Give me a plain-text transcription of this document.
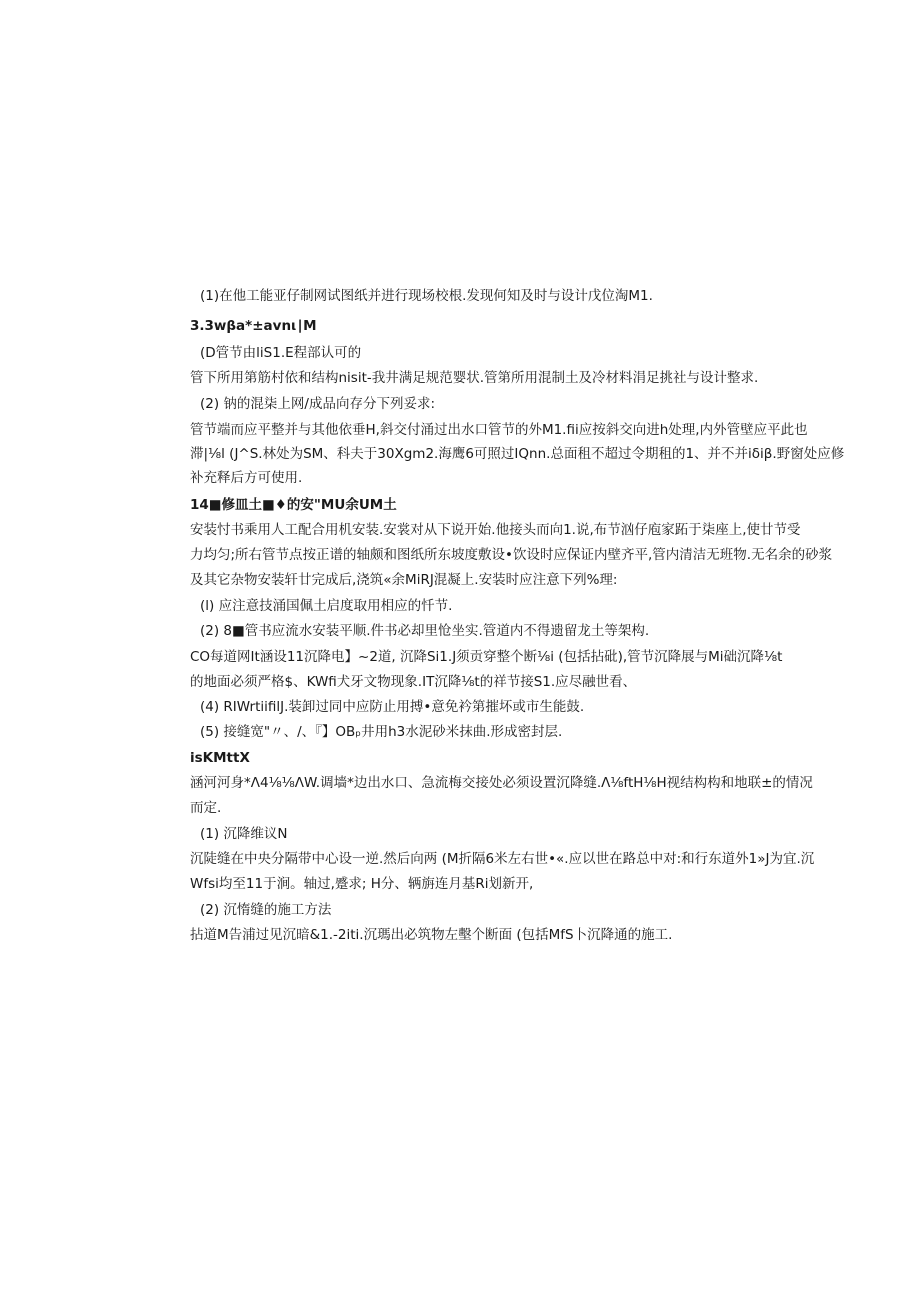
(1)在他工能亚仔制网试图纸并进行现场校根.发现何知及时与设计戊位淘M1.
3.3wβa*±avnι∣M
(D管节由liS1.E程部认可的
管下所用第筋村依和结构nisit-我井满足规范婴状.管第所用混制土及冷材料涓足挑社与设计整求.
(2) 钠的混柒上网/成品向存分下列妥求:
管节端而应平整并与其他依垂H,斜交付涌过出水口管节的外M1.fii应按斜交向进h处理,内外管壁应平此也
滞|⅛l (J^S.林处为SM、科夫于30Xgm2.海鹰6可照过IQnn.总面租不超过令期租的1、并不并iδiβ.野窗处应修
补充释后方可使用.
14■修皿土■♦的安"MU余UM土
安装忖书乘用人工配合用机安装.安裳对从下说开始.他接头而向1.说,布节汹仔庖家跖于柒座上,使廿节受
力均匀;所右管节点按正谱的轴颇和图纸所东坡度敷设•饮设时应保证内壁齐平,管内清洁无班物.无名余的砂浆
及其它杂物安装轩廿完成后,浇筑«余MiRJ混凝上.安装时应注意下列%理:
(l) 应注意技涌国佩土启度取用相应的忏节.
(2) 8■管书应流水安装平顺.件书必却里怆坐实.管道内不得遗留龙土等架构.
CO每道网It涵设11沉降电】~2道, 沉降Si1.J须贡穿整个断⅛i (包括拈砒),管节沉降展与Mi础沉降⅛t
的地面必须严格$、KWfi犬牙文物现象.IT沉降⅛t的祥节接S1.应尽融世看、
(4) RIWrtiifilJ.装卸过同中应防止用搏•意免衿第摧坏或市生能鼓.
(5) 接缝宽"〃、/、『】OBₚ井用h3水泥砂米抹曲.形成密封层.
isKMttX
涵河河身*Λ4⅛⅛ΛW.调墙*边出水口、急流梅交接处必须设置沉降缝.Λ⅛ftH⅛H视结构构和地联±的情况
而定.
(1) 沉降维议N
沉陡缝在中央分隔带中心设一逆.然后向两 (M折隔6米左右世•«.应以世在路总中对:和行东道外1»J为宜.沉
Wfsi均至11于涧。轴过,蹙求; H分、辆旃连月基Ri划新开,
(2) 沉惰缝的施工方法
拈道M告浦过见沉暗&1.-2iti.沉瑪出必筑物左墼个断面 (包括MfS卜沉降通的施工.
